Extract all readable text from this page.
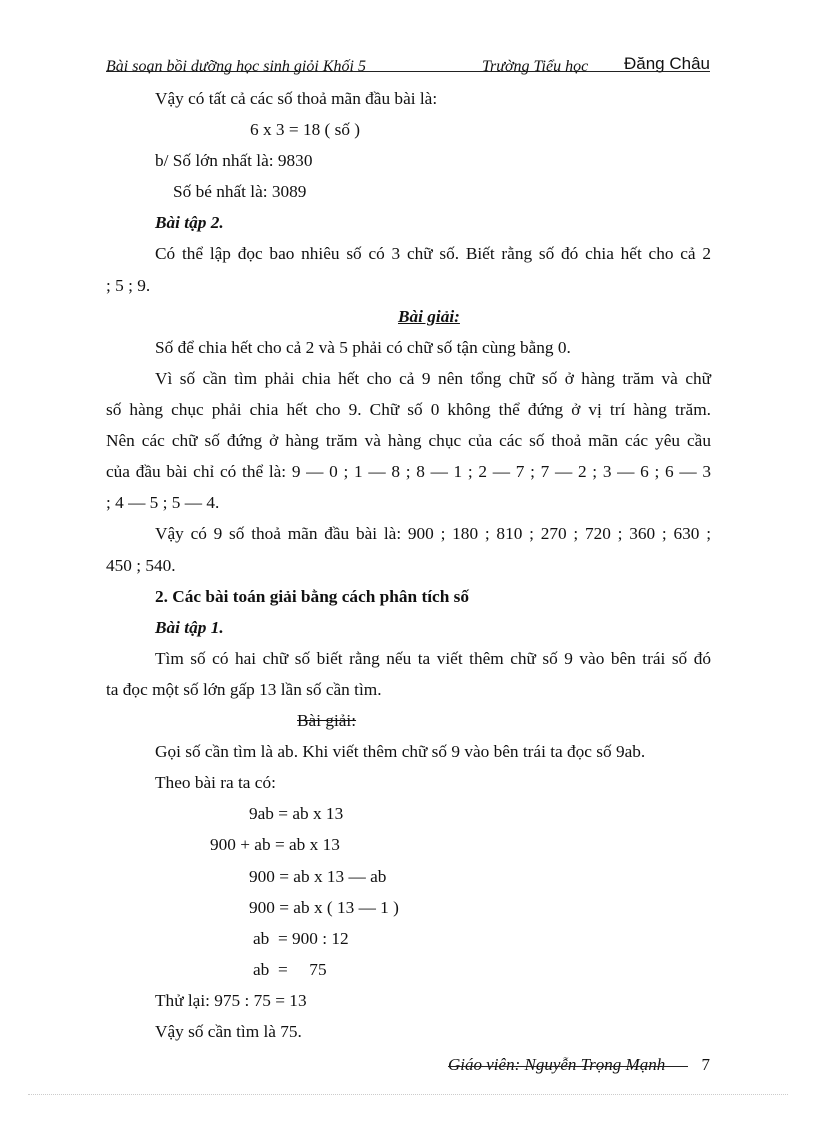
Bài soạn bồi dưỡng học sinh giỏi Khối 5	Trường Tiểu học Đăng Châu
Vậy có tất cả các số thoả mãn đầu bài là:
6 x 3 = 18 ( số )
b/ Số lớn nhất là: 9830
Số bé nhất là: 3089
Bài tập 2.
Có thể lập đọc bao nhiêu số có 3 chữ số. Biết rằng số đó chia hết cho cả 2
; 5 ; 9.
Bài giải:
Số để chia hết cho cả 2 và 5 phải có chữ số tận cùng bằng 0.
Vì số cần tìm phải chia hết cho cả 9 nên tổng chữ số ở hàng trăm và chữ
số hàng chục phải chia hết cho 9. Chữ số 0 không thể đứng ở vị trí hàng trăm.
Nên các chữ số đứng ở hàng trăm và hàng chục của các số thoả mãn các yêu cầu
của đầu bài chỉ có thể là: 9 — 0 ; 1 — 8 ; 8 — 1 ; 2 — 7 ; 7 — 2 ; 3 — 6 ; 6 — 3
; 4 — 5 ; 5 — 4.
Vậy có 9 số thoả mãn đầu bài là: 900 ; 180 ; 810 ; 270 ; 720 ; 360 ; 630 ;
450 ; 540.
2. Các bài toán giải bằng cách phân tích số
Bài tập 1.
Tìm số có hai chữ số biết rằng nếu ta viết thêm chữ số 9 vào bên trái số đó
ta đọc một số lớn gấp 13 lần số cần tìm.
Bài giải:
Gọi số cần tìm là ab. Khi viết thêm chữ số 9 vào bên trái ta đọc số 9ab.
Theo bài ra ta có:
9ab = ab x 13
900 + ab = ab x 13
900 = ab x 13 — ab
900 = ab x ( 13 — 1 )
ab  = 900 : 12
ab  =     75
Thử lại: 975 : 75 = 13
Vậy số cần tìm là 75.
Giáo viên: Nguyễn Trọng Mạnh 7
